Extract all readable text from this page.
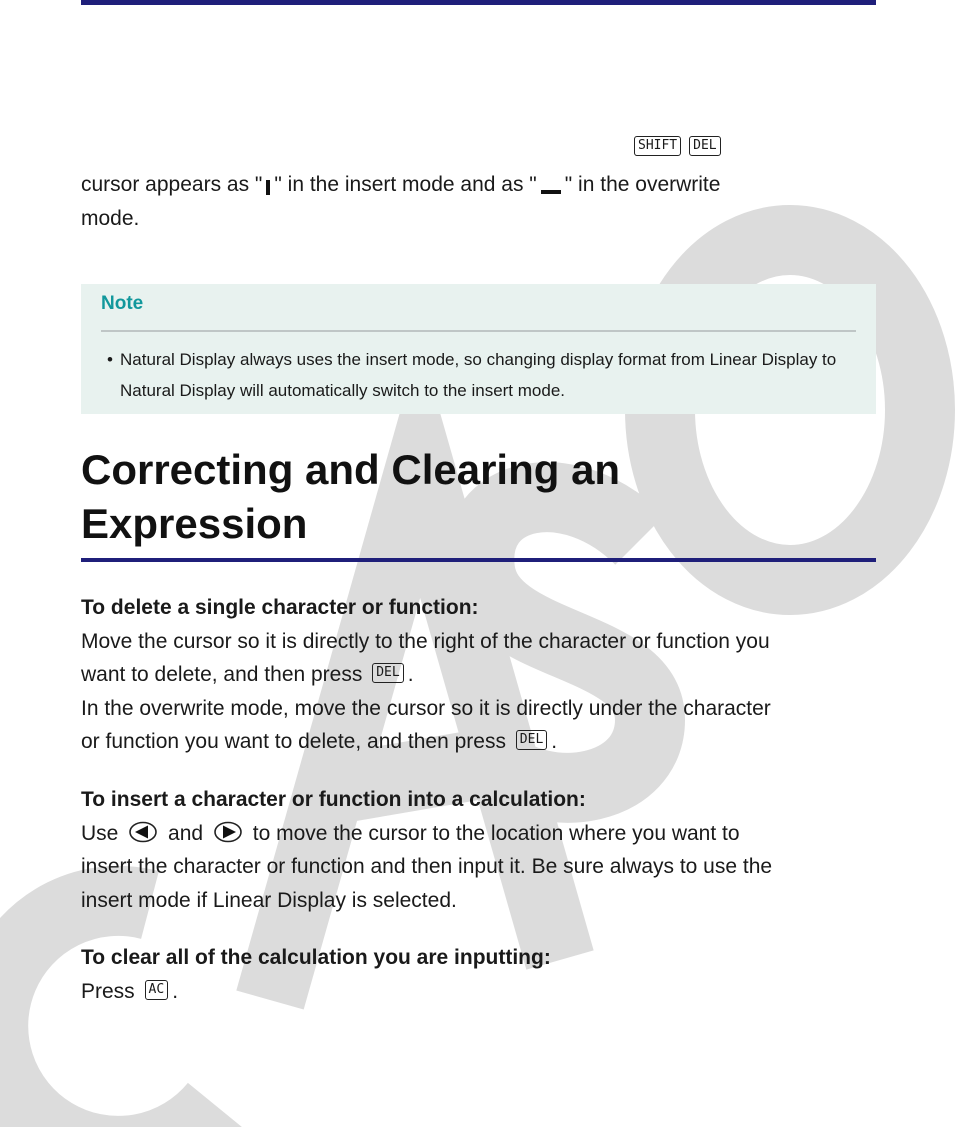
SHIFT DEL
cursor appears as " " in the insert mode and as " " in the overwrite
mode.
Note
• Natural Display always uses the insert mode, so changing display format from Linear Display to Natural Display will automatically switch to the insert mode.
Correcting and Clearing an
Expression
To delete a single character or function:
Move the cursor so it is directly to the right of the character or function you
want to delete, and then press DEL .
In the overwrite mode, move the cursor so it is directly under the character
or function you want to delete, and then press DEL .
To insert a character or function into a calculation:
Use and to move the cursor to the location where you want to
insert the character or function and then input it. Be sure always to use the
insert mode if Linear Display is selected.
To clear all of the calculation you are inputting:
Press AC .
